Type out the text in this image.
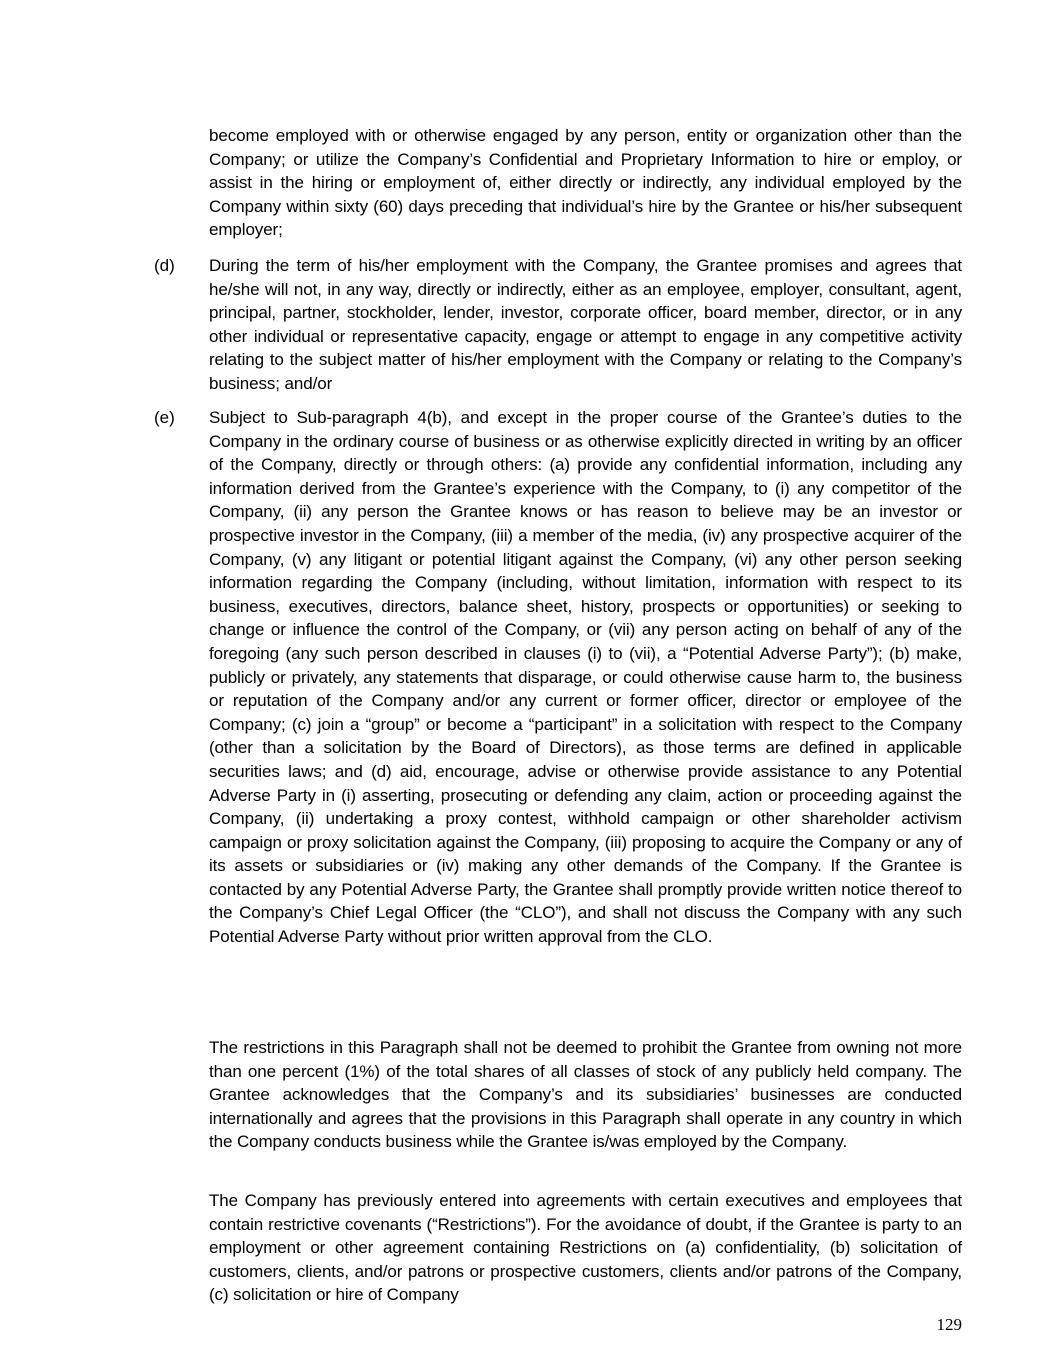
become employed with or otherwise engaged by any person, entity or organization other than the Company; or utilize the Company’s Confidential and Proprietary Information to hire or employ, or assist in the hiring or employment of, either directly or indirectly, any individual employed by the Company within sixty (60) days preceding that individual’s hire by the Grantee or his/her subsequent employer;
(d) During the term of his/her employment with the Company, the Grantee promises and agrees that he/she will not, in any way, directly or indirectly, either as an employee, employer, consultant, agent, principal, partner, stockholder, lender, investor, corporate officer, board member, director, or in any other individual or representative capacity, engage or attempt to engage in any competitive activity relating to the subject matter of his/her employment with the Company or relating to the Company’s business; and/or
(e) Subject to Sub-paragraph 4(b), and except in the proper course of the Grantee’s duties to the Company in the ordinary course of business or as otherwise explicitly directed in writing by an officer of the Company, directly or through others: (a) provide any confidential information, including any information derived from the Grantee’s experience with the Company, to (i) any competitor of the Company, (ii) any person the Grantee knows or has reason to believe may be an investor or prospective investor in the Company, (iii) a member of the media, (iv) any prospective acquirer of the Company, (v) any litigant or potential litigant against the Company, (vi) any other person seeking information regarding the Company (including, without limitation, information with respect to its business, executives, directors, balance sheet, history, prospects or opportunities) or seeking to change or influence the control of the Company, or (vii) any person acting on behalf of any of the foregoing (any such person described in clauses (i) to (vii), a “Potential Adverse Party”); (b) make, publicly or privately, any statements that disparage, or could otherwise cause harm to, the business or reputation of the Company and/or any current or former officer, director or employee of the Company; (c) join a “group” or become a “participant” in a solicitation with respect to the Company (other than a solicitation by the Board of Directors), as those terms are defined in applicable securities laws; and (d) aid, encourage, advise or otherwise provide assistance to any Potential Adverse Party in (i) asserting, prosecuting or defending any claim, action or proceeding against the Company, (ii) undertaking a proxy contest, withhold campaign or other shareholder activism campaign or proxy solicitation against the Company, (iii) proposing to acquire the Company or any of its assets or subsidiaries or (iv) making any other demands of the Company. If the Grantee is contacted by any Potential Adverse Party, the Grantee shall promptly provide written notice thereof to the Company’s Chief Legal Officer (the “CLO”), and shall not discuss the Company with any such Potential Adverse Party without prior written approval from the CLO.
The restrictions in this Paragraph shall not be deemed to prohibit the Grantee from owning not more than one percent (1%) of the total shares of all classes of stock of any publicly held company. The Grantee acknowledges that the Company’s and its subsidiaries’ businesses are conducted internationally and agrees that the provisions in this Paragraph shall operate in any country in which the Company conducts business while the Grantee is/was employed by the Company.
The Company has previously entered into agreements with certain executives and employees that contain restrictive covenants (“Restrictions”). For the avoidance of doubt, if the Grantee is party to an employment or other agreement containing Restrictions on (a) confidentiality, (b) solicitation of customers, clients, and/or patrons or prospective customers, clients and/or patrons of the Company, (c) solicitation or hire of Company
129
